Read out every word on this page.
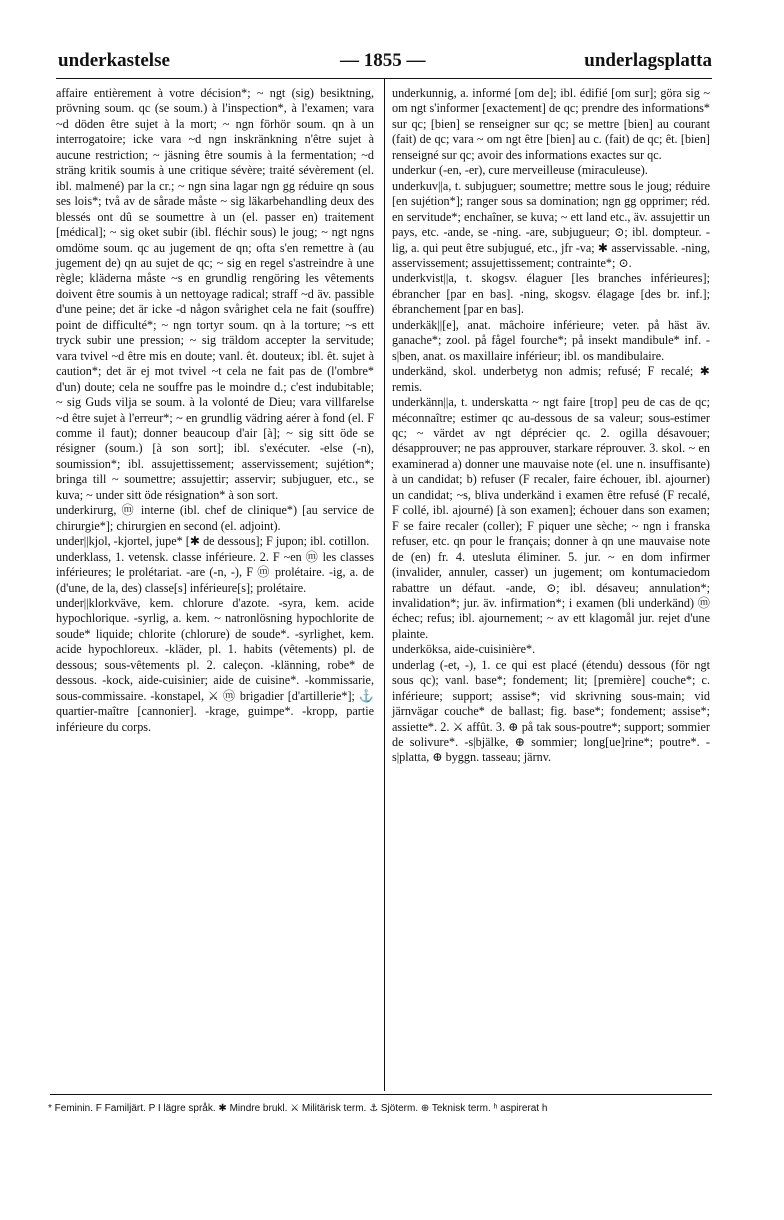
underkastelse	— 1855 —	underlagsplatta

affaire entièrement à votre décision*; ~ ngt (sig) besiktning, prövning soum. qc (se soum.) à l'inspection*, à l'examen; vara ~d döden être sujet à la mort; ~ ngn förhör soum. qn à un interrogatoire; icke vara ~d ngn inskränkning n'être sujet à aucune restriction; ~ jäsning être soumis à la fermentation; ~d sträng kritik soumis à une critique sévère; traité sévèrement (el. ibl. malmené) par la cr.; ~ ngn sina lagar ngn gg réduire qn sous ses lois*; två av de sårade måste ~ sig läkarbehandling deux des blessés ont dû se soumettre à un (el. passer en) traitement [médical]; ~ sig oket subir (ibl. fléchir sous) le joug; ~ ngt ngns omdöme soum. qc au jugement de qn; ofta s'en remettre à (au jugement de) qn au sujet de qc; ~ sig en regel s'astreindre à une règle; kläderna måste ~s en grundlig rengöring les vêtements doivent être soumis à un nettoyage radical; straff ~d äv. passible d'une peine; det är icke -d någon svårighet cela ne fait (souffre) point de difficulté*; ~ ngn tortyr soum. qn à la torture; ~s ett tryck subir une pression; ~ sig träldom accepter la servitude; vara tvivel ~d être mis en doute; vanl. êt. douteux; ibl. êt. sujet à caution*; det är ej mot tvivel ~t cela ne fait pas de (l'ombre* d'un) doute; cela ne souffre pas le moindre d.; c'est indubitable; ~ sig Guds vilja se soum. à la volonté de Dieu; vara villfarelse ~d être sujet à l'erreur*; ~ en grundlig vädring aérer à fond (el. F comme il faut); donner beaucoup d'air [à]; ~ sig sitt öde se résigner (soum.) [à son sort]; ibl. s'exécuter. -else (-n), soumission*; ibl. assujettissement; asservissement; sujétion*; bringa till ~ soumettre; assujettir; asservir; subjuguer, etc., se kuva; ~ under sitt öde résignation* à son sort.

underkirurg, ⓜ interne (ibl. chef de clinique*) [au service de chirurgie*]; chirurgien en second (el. adjoint).

under||kjol, -kjortel, jupe* [✱ de dessous]; F jupon; ibl. cotillon.

underklass, 1. vetensk. classe inférieure. 2. F ~en ⓜ les classes inférieures; le prolétariat. -are (-n, -), F ⓜ prolétaire. -ig, a. de (d'une, de la, des) classe[s] inférieure[s]; prolétaire.

under||klorkväve, kem. chlorure d'azote. -syra, kem. acide hypochlorique. -syrlig, a. kem. ~ natronlösning hypochlorite de soude* liquide; chlorite (chlorure) de soude*. -syrlighet, kem. acide hypochloreux. -kläder, pl. 1. habits (vêtements) pl. de dessous; sous-vêtements pl. 2. caleçon. -klänning, robe* de dessous. -kock, aide-cuisinier; aide de cuisine*. -kommissarie, sous-commissaire. -konstapel, ⚔ ⓜ brigadier [d'artillerie*]; ⚓ quartier-maître [cannonier]. -krage, guimpe*. -kropp, partie inférieure du corps.

underkunnig, a. informé [om de]; ibl. édifié [om sur]; göra sig ~ om ngt s'informer [exactement] de qc; prendre des informations* sur qc; [bien] se renseigner sur qc; se mettre [bien] au courant (fait) de qc; vara ~ om ngt être [bien] au c. (fait) de qc; êt. [bien] renseigné sur qc; avoir des informations exactes sur qc.

underkur (-en, -er), cure merveilleuse (miraculeuse).

underkuv||a, t. subjuguer; soumettre; mettre sous le joug; réduire [en sujétion*]; ranger sous sa domination; ngn gg opprimer; réd. en servitude*; enchaîner, se kuva; ~ ett land etc., äv. assujettir un pays, etc. -ande, se -ning. -are, subjugueur; ⊙; ibl. dompteur. -lig, a. qui peut être subjugué, etc., jfr -va; ✱ asservissable. -ning, asservissement; assujettissement; contrainte*; ⊙.

underkvist||a, t. skogsv. élaguer [les branches inférieures]; ébrancher [par en bas]. -ning, skogsv. élagage [des br. inf.]; ébranchement [par en bas].

underkäk||[e], anat. mâchoire inférieure; veter. på häst äv. ganache*; zool. på fågel fourche*; på insekt mandibule* inf. -s|ben, anat. os maxillaire inférieur; ibl. os mandibulaire.

underkänd, skol. underbetyg non admis; refusé; F recalé; ✱ remis.

underkänn||a, t. underskatta ~ ngt faire [trop] peu de cas de qc; méconnaître; estimer qc au-dessous de sa valeur; sous-estimer qc; ~ värdet av ngt déprécier qc. 2. ogilla désavouer; désapprouver; ne pas approuver, starkare réprouver. 3. skol. ~ en examinerad a) donner une mauvaise note (el. une n. insuffisante) à un candidat; b) refuser (F recaler, faire échouer, ibl. ajourner) un candidat; ~s, bliva underkänd i examen être refusé (F recalé, F collé, ibl. ajourné) [à son examen]; échouer dans son examen; F se faire recaler (coller); F piquer une sèche; ~ ngn i franska refuser, etc. qn pour le français; donner à qn une mauvaise note de (en) fr. 4. utesluta éliminer. 5. jur. ~ en dom infirmer (invalider, annuler, casser) un jugement; om kontumaciedom rabattre un défaut. -ande, ⊙; ibl. désaveu; annulation*; invalidation*; jur. äv. infirmation*; i examen (bli underkänd) ⓜ échec; refus; ibl. ajournement; ~ av ett klagomål jur. rejet d'une plainte.

underköksa, aide-cuisinière*.

underlag (-et, -), 1. ce qui est placé (étendu) dessous (för ngt sous qc); vanl. base*; fondement; lit; [première] couche*; c. inférieure; support; assise*; vid skrivning sous-main; vid järnvägar couche* de ballast; fig. base*; fondement; assise*; assiette*. 2. ⚔ affût. 3. ⊕ på tak sous-poutre*; support; sommier de solivure*. -s|bjälke, ⊕ sommier; long[ue]rine*; poutre*. -s|platta, ⊕ byggn. tasseau; järnv.

* Feminin. F Familjärt. P I lägre språk. ✱ Mindre brukl. ⚔ Militärisk term. ⚓ Sjöterm. ⊕ Teknisk term. ʰ aspirerat h
